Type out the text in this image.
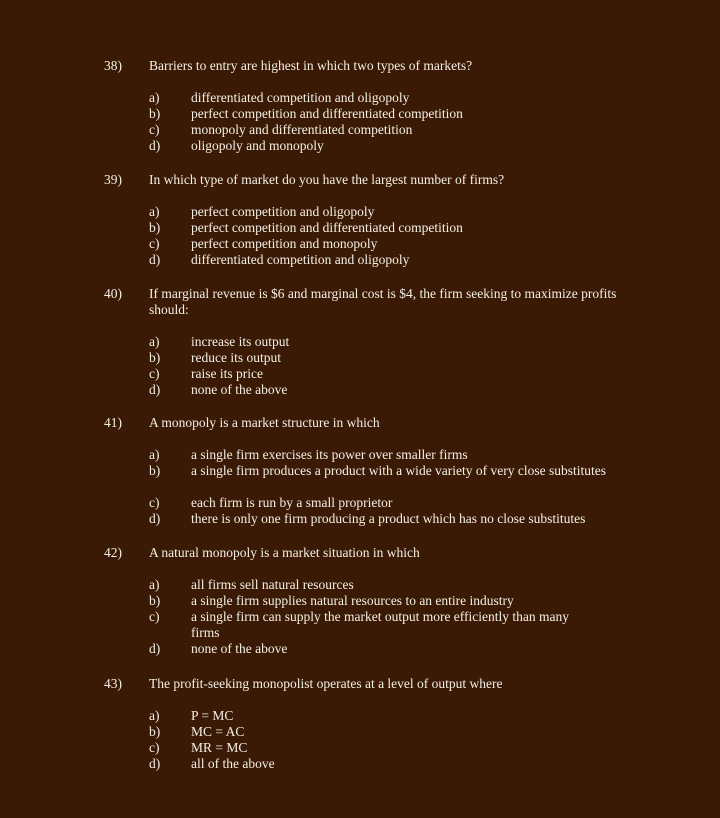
38) Barriers to entry are highest in which two types of markets?
a) differentiated competition and oligopoly
b) perfect competition and differentiated competition
c) monopoly and differentiated competition
d) oligopoly and monopoly
39) In which type of market do you have the largest number of firms?
a) perfect competition and oligopoly
b) perfect competition and differentiated competition
c) perfect competition and monopoly
d) differentiated competition and oligopoly
40) If marginal revenue is $6 and marginal cost is $4, the firm seeking to maximize profits should:
a) increase its output
b) reduce its output
c) raise its price
d) none of the above
41) A monopoly is a market structure in which
a) a single firm exercises its power over smaller firms
b) a single firm produces a product with a wide variety of very close substitutes
c) each firm is run by a small proprietor
d) there is only one firm producing a product which has no close substitutes
42) A natural monopoly is a market situation in which
a) all firms sell natural resources
b) a single firm supplies natural resources to an entire industry
c) a single firm can supply the market output more efficiently than many firms
d) none of the above
43) The profit-seeking monopolist operates at a level of output where
a) P = MC
b) MC = AC
c) MR = MC
d) all of the above
